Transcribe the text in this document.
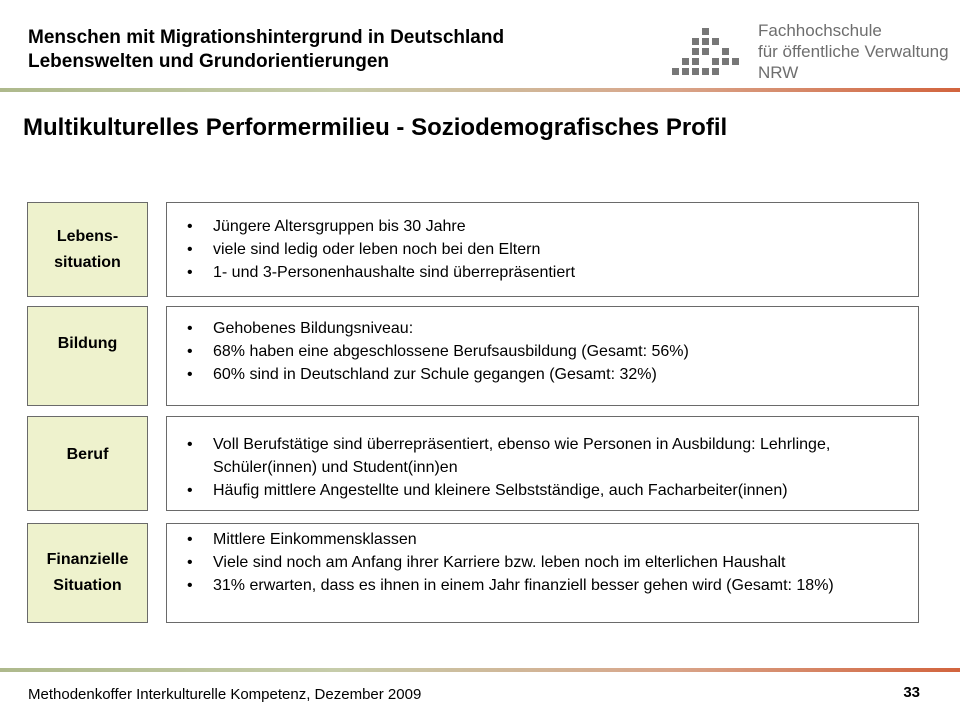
Menschen mit Migrationshintergrund in Deutschland
Lebenswelten und Grundorientierungen
Fachhochschule
für öffentliche Verwaltung
NRW
Multikulturelles Performermilieu - Soziodemografisches Profil
Lebens-
situation
• Jüngere Altersgruppen bis 30 Jahre
• viele sind ledig oder leben noch bei den Eltern
• 1- und 3-Personenhaushalte sind überrepräsentiert
Bildung
• Gehobenes Bildungsniveau:
• 68% haben eine abgeschlossene Berufsausbildung (Gesamt: 56%)
• 60% sind in Deutschland zur Schule gegangen (Gesamt: 32%)
Beruf
• Voll Berufstätige sind überrepräsentiert, ebenso wie Personen in Ausbildung: Lehrlinge, Schüler(innen) und Student(inn)en
• Häufig mittlere Angestellte und kleinere Selbstständige, auch Facharbeiter(innen)
Finanzielle
Situation
• Mittlere Einkommensklassen
• Viele sind noch am Anfang ihrer Karriere bzw. leben noch im elterlichen Haushalt
• 31% erwarten, dass es ihnen in einem Jahr finanziell besser gehen wird (Gesamt: 18%)
Methodenkoffer Interkulturelle Kompetenz, Dezember 2009	33
